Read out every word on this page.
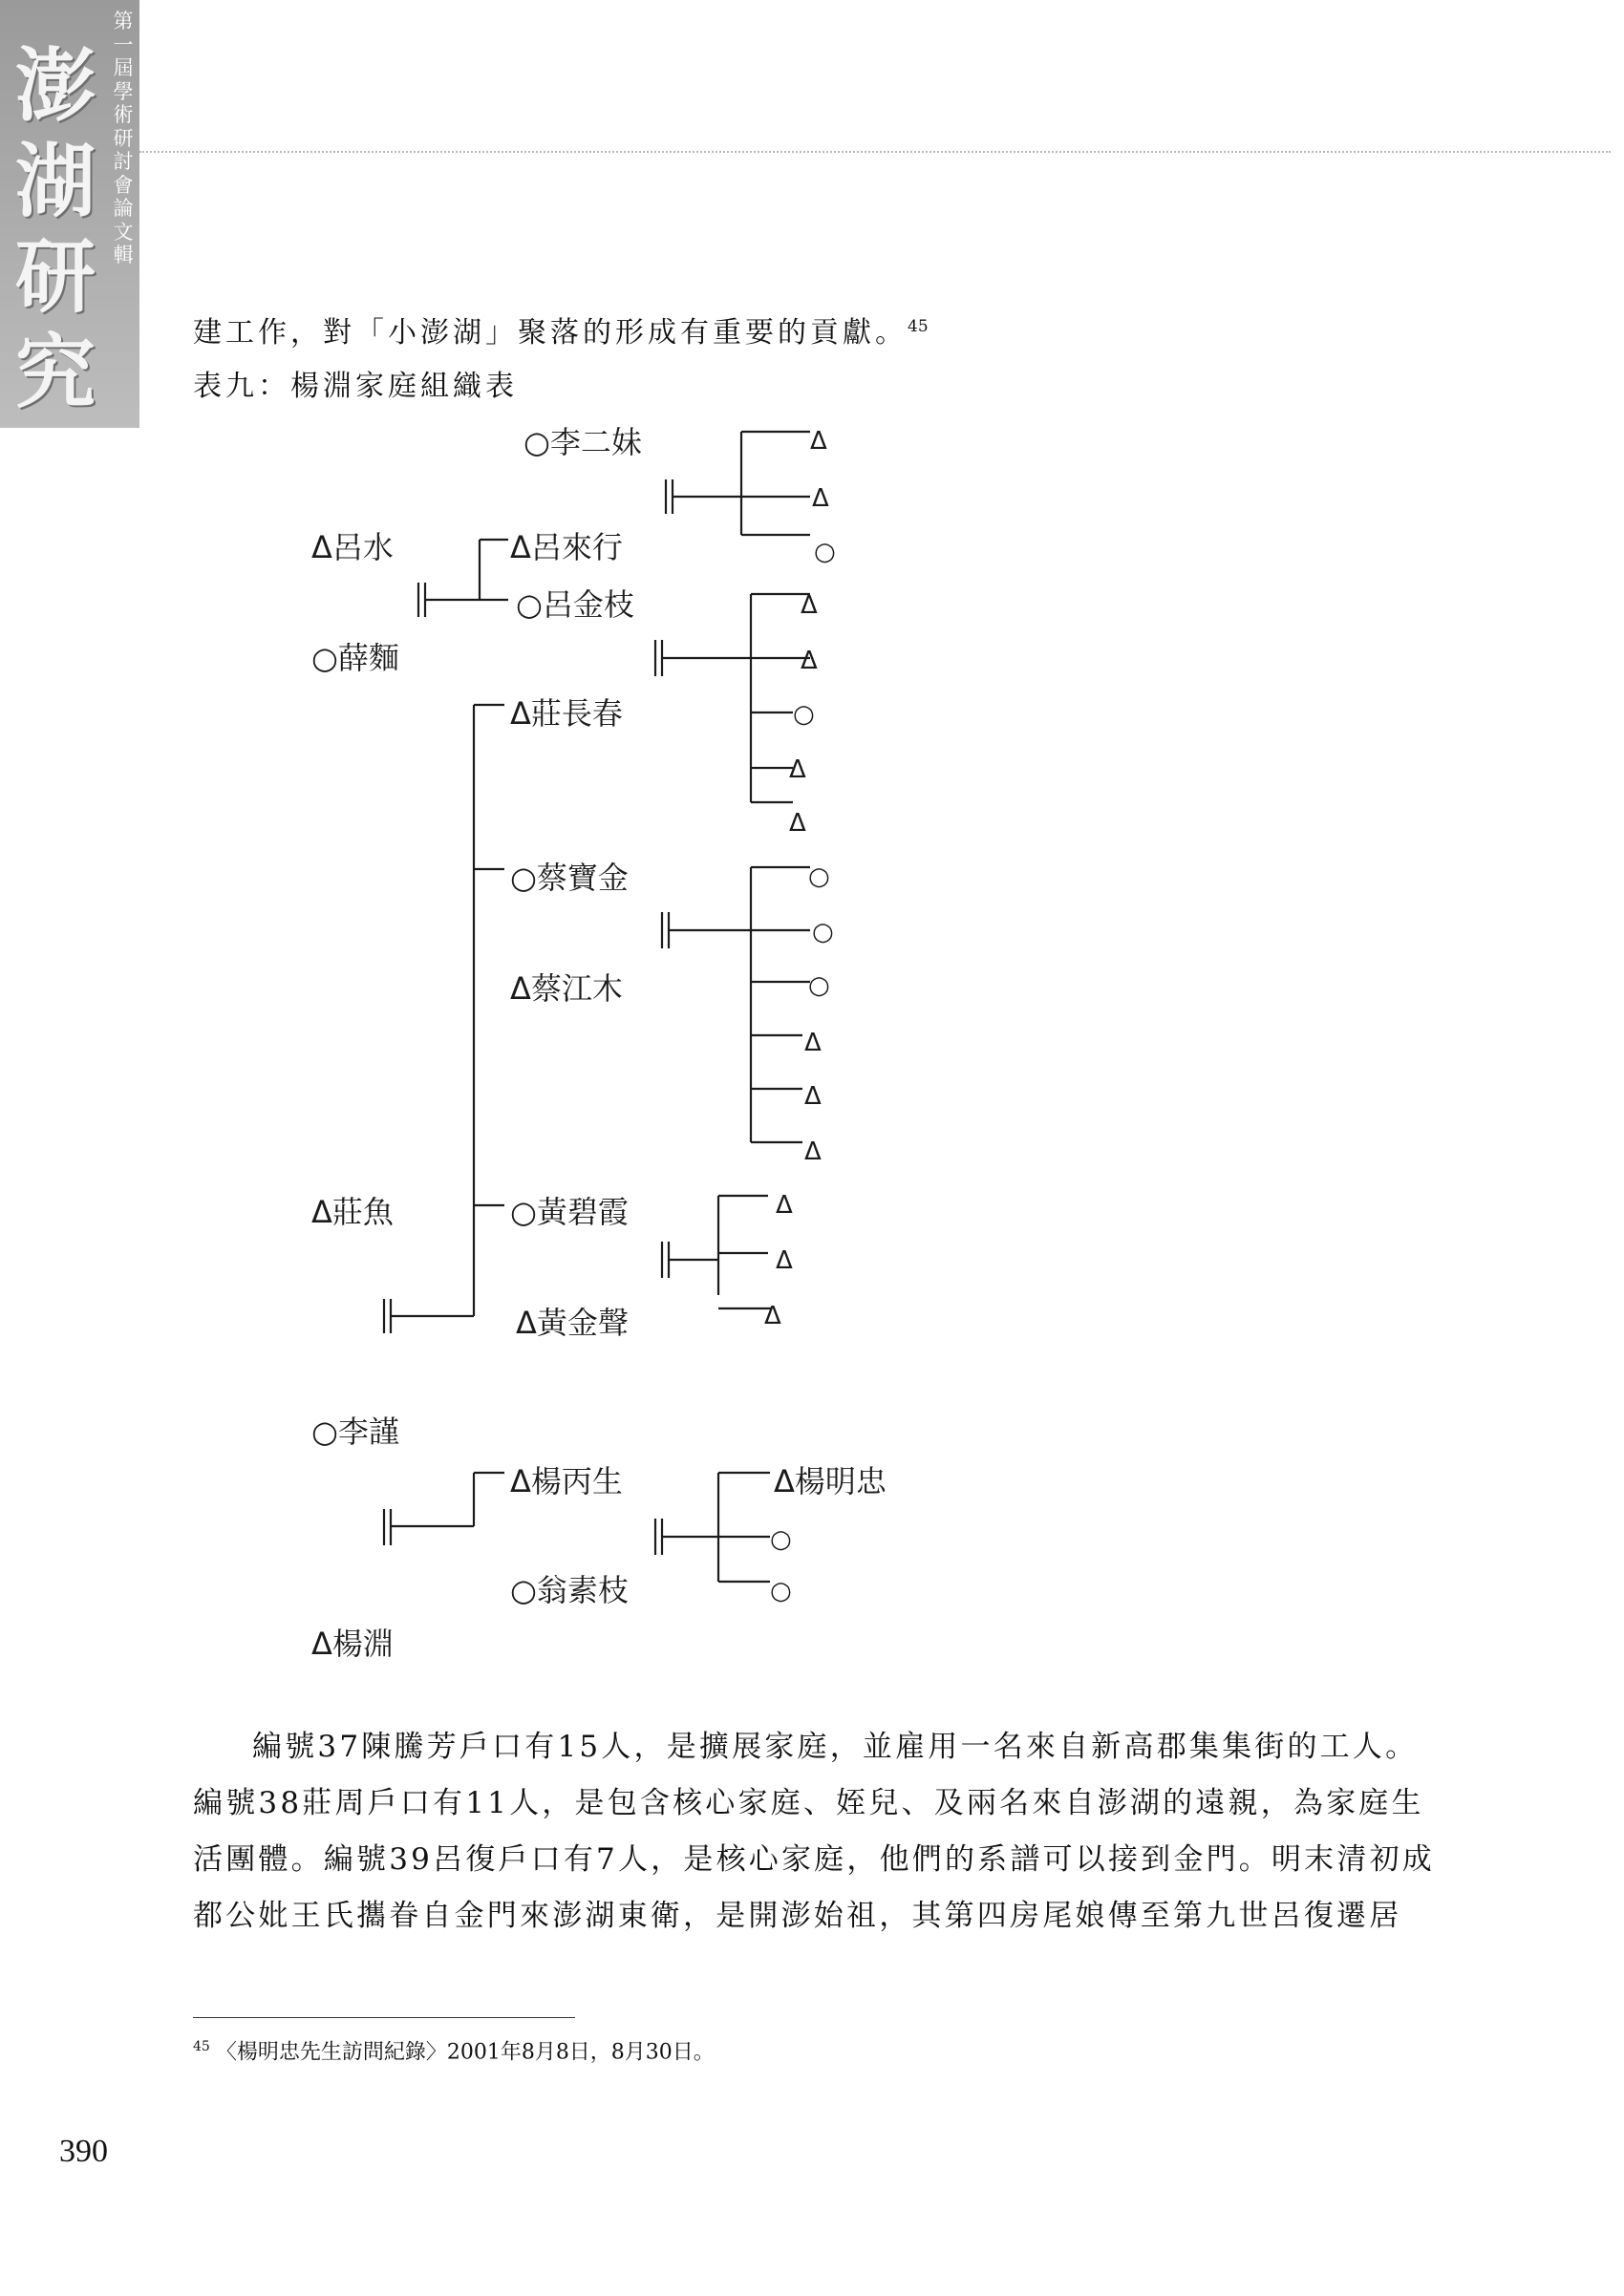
澎
湖
研
究
第
一
屆
學
術
研
討
會
論
文
輯
建工作，對「小澎湖」聚落的形成有重要的貢獻。$^{45}$
表九：楊淵家庭組織表
○李二妹
Δ呂水	Δ呂來行
○呂金枝
○薛麵
Δ莊長春
○蔡寶金
Δ蔡江木
Δ莊魚	○黃碧霞
Δ黃金聲
○李謹
Δ楊丙生	Δ楊明忠
○翁素枝
Δ楊淵
Δ
Δ
○
Δ
Δ
○
Δ
Δ
○
○
○
Δ
Δ
Δ
Δ
Δ
Δ
○
○
編號37陳騰芳戶口有15人，是擴展家庭，並雇用一名來自新高郡集集街的工人。
編號38莊周戶口有11人，是包含核心家庭、姪兒、及兩名來自澎湖的遠親，為家庭生
活團體。編號39呂復戶口有7人，是核心家庭，他們的系譜可以接到金門。明末清初成
都公妣王氏攜眷自金門來澎湖東衛，是開澎始祖，其第四房尾娘傳至第九世呂復遷居
$^{45}$ 〈楊明忠先生訪問紀錄〉2001年8月8日，8月30日。
390
